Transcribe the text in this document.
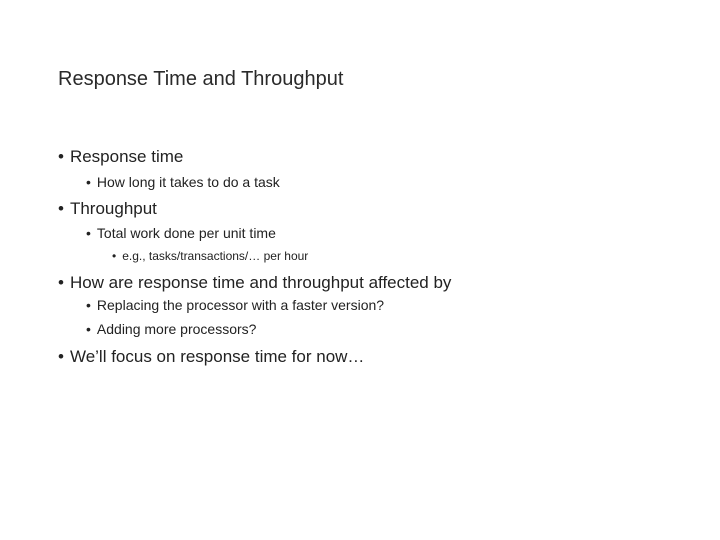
Response Time and Throughput
• Response time
• How long it takes to do a task
• Throughput
• Total work done per unit time
• e.g., tasks/transactions/… per hour
• How are response time and throughput affected by
• Replacing the processor with a faster version?
• Adding more processors?
• We’ll focus on response time for now…
